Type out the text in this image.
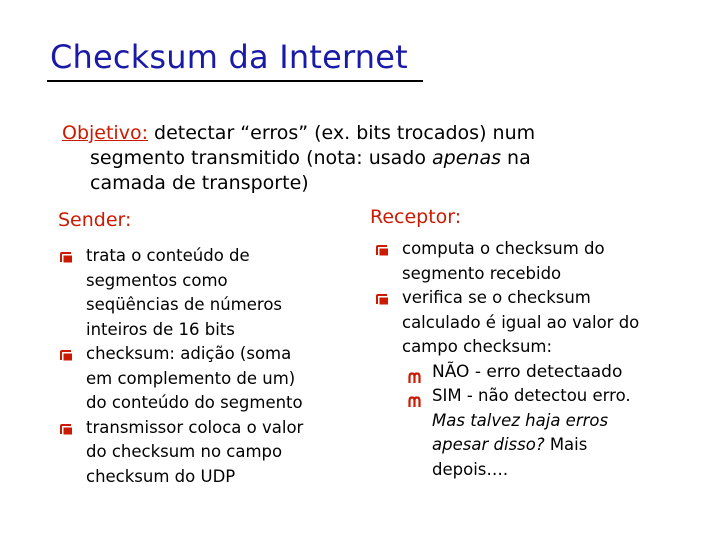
Checksum da Internet
Objetivo: detectar “erros” (ex. bits trocados) num
segmento transmitido (nota: usado apenas na
camada de transporte)
Sender:	Receptor:
trata o conteúdo de
segmentos como
seqüências de números
inteiros de 16 bits
checksum: adição (soma
em complemento de um)
do conteúdo do segmento
transmissor coloca o valor
do checksum no campo
checksum do UDP
computa o checksum do
segmento recebido
verifica se o checksum
calculado é igual ao valor do
campo checksum:
NÃO - erro detectaado
SIM - não detectou erro.
Mas talvez haja erros
apesar disso? Mais
depois….
